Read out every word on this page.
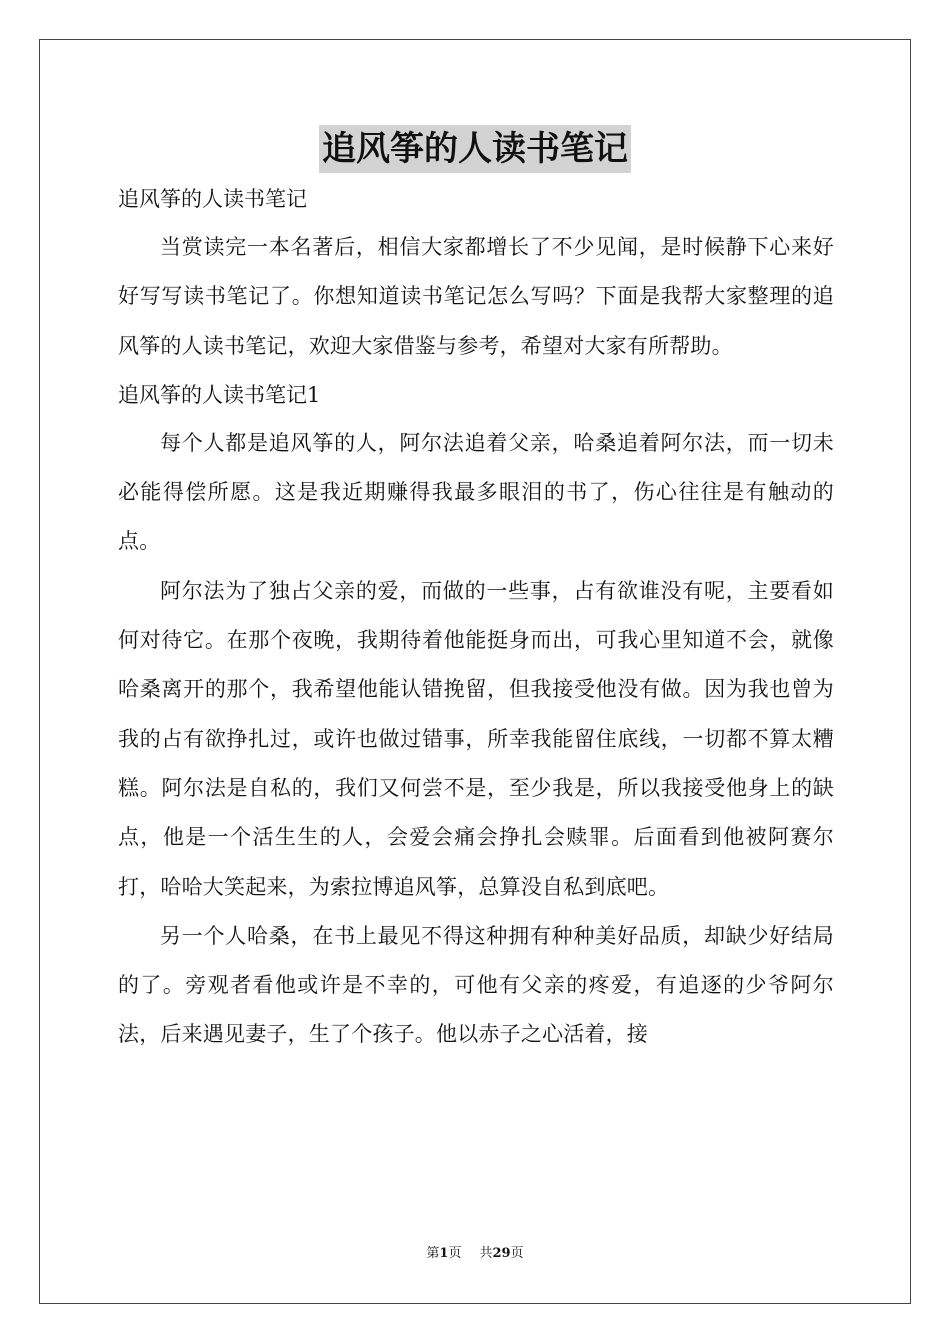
追风筝的人读书笔记

追风筝的人读书笔记

当赏读完一本名著后，相信大家都增长了不少见闻，是时候静下心来好好写写读书笔记了。你想知道读书笔记怎么写吗？下面是我帮大家整理的追风筝的人读书笔记，欢迎大家借鉴与参考，希望对大家有所帮助。

追风筝的人读书笔记1

每个人都是追风筝的人，阿尔法追着父亲，哈桑追着阿尔法，而一切未必能得偿所愿。这是我近期赚得我最多眼泪的书了，伤心往往是有触动的点。

阿尔法为了独占父亲的爱，而做的一些事，占有欲谁没有呢，主要看如何对待它。在那个夜晚，我期待着他能挺身而出，可我心里知道不会，就像哈桑离开的那个，我希望他能认错挽留，但我接受他没有做。因为我也曾为我的占有欲挣扎过，或许也做过错事，所幸我能留住底线，一切都不算太糟糕。阿尔法是自私的，我们又何尝不是，至少我是，所以我接受他身上的缺点，他是一个活生生的人，会爱会痛会挣扎会赎罪。后面看到他被阿赛尔打，哈哈大笑起来，为索拉博追风筝，总算没自私到底吧。

另一个人哈桑，在书上最见不得这种拥有种种美好品质，却缺少好结局的了。旁观者看他或许是不幸的，可他有父亲的疼爱，有追逐的少爷阿尔法，后来遇见妻子，生了个孩子。他以赤子之心活着，接

第1页 共29页
